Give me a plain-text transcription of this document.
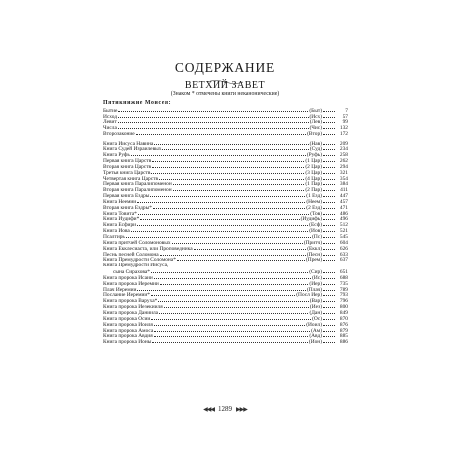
СОДЕРЖАНИЕ
ВЕТХИЙ ЗАВЕТ
(Знаком * отмечены книги неканонические)
Пятикнижие Моисея:
Бытие	(Быт)	7
Исход	(Исх)	57
Левит	(Лев)	99
Числа	(Чис)	132
Второзаконие	(Втор)	172
Книга Иисуса Навина	(Нав)	209
Книга Судей Израилевых	(Суд)	234
Книга Руфь	(Руфь)	258
Первая книга Царств	(1 Цар)	262
Вторая книга Царств	(2 Цар)	294
Третья книга Царств	(3 Цар)	321
Четвертая книга Царств	(4 Цар)	354
Первая книга Паралипоменон	(1 Пар)	384
Вторая книга Паралипоменон	(2 Пар)	411
Первая книга Ездры	(1 Езд)	447
Книга Неемии	(Неем)	457
Вторая книга Ездры*	(2 Езд)	471
Книга Товита*	(Тов)	486
Книга Иудифи*	(Иудифь)	496
Книга Есфири	(Есф)	512
Книга Иова	(Иов)	521
Псалтирь	(Пс)	545
Книга притчей Соломоновых	(Притч)	604
Книга Екклесиаста, или Проповедника	(Еккл)	626
Песнь песней Соломона	(Песн)	633
Книга Премудрости Соломона*	(Прем)	637
Книга Премудрости Иисуса,
сына Сирахова*	(Сир)	651
Книга пророка Исаии	(Ис)	688
Книга пророка Иеремии	(Иер)	735
Плач Иеремии	(Плач)	789
Послание Иеремии*	(Посл Иер)	793
Книга пророка Варуха*	(Вар)	796
Книга пророка Иезекииля	(Иез)	800
Книга пророка Даниила	(Дан)	849
Книга пророка Осии	(Ос)	870
Книга пророка Иоиля	(Иоил)	876
Книга пророка Амоса	(Ам)	879
Книга пророка Авдия	(Авд)	885
Книга пророка Ионы	(Ион)	886
◀◀◀ 1289 ▶▶▶
